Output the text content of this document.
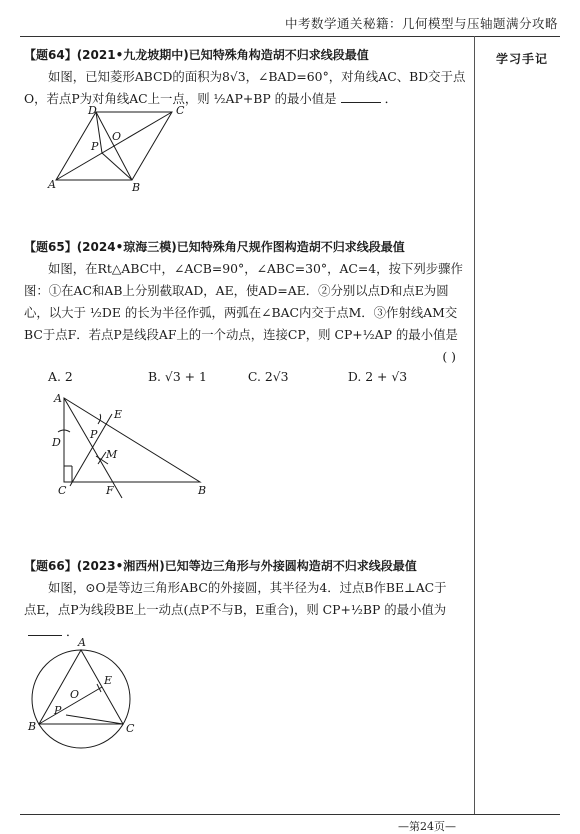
中考数学通关秘籍：几何模型与压轴题满分攻略
学习手记
【题64】(2021•九龙坡期中)已知特殊角构造胡不归求线段最值
如图，已知菱形ABCD的面积为8√3，∠BAD=60°，对角线AC、BD交于点
O，若点P为对角线AC上一点，则 ½AP+BP 的最小值是	．
D	C
O
P
A	B
【题65】(2024•琼海三模)已知特殊角尺规作图构造胡不归求线段最值
如图，在Rt△ABC中，∠ACB=90°，∠ABC=30°，AC=4，按下列步骤作
图：①在AC和AB上分别截取AD，AE，使AD=AE．②分别以点D和点E为圆
心，以大于 ½DE 的长为半径作弧，两弧在∠BAC内交于点M．③作射线AM交
BC于点F．若点P是线段AF上的一个动点，连接CP，则 CP+½AP 的最小值是
( )
A. 2	B. √3 + 1	C. 2√3	D. 2 + √3
A
E
D
P
M
C	F	B
【题66】(2023•湘西州)已知等边三角形与外接圆构造胡不归求线段最值
如图，⊙O是等边三角形ABC的外接圆，其半径为4．过点B作BE⊥AC于
点E，点P为线段BE上一动点(点P不与B，E重合)，则 CP+½BP 的最小值为
．
A
O
E
P
B	C
—第24页—
